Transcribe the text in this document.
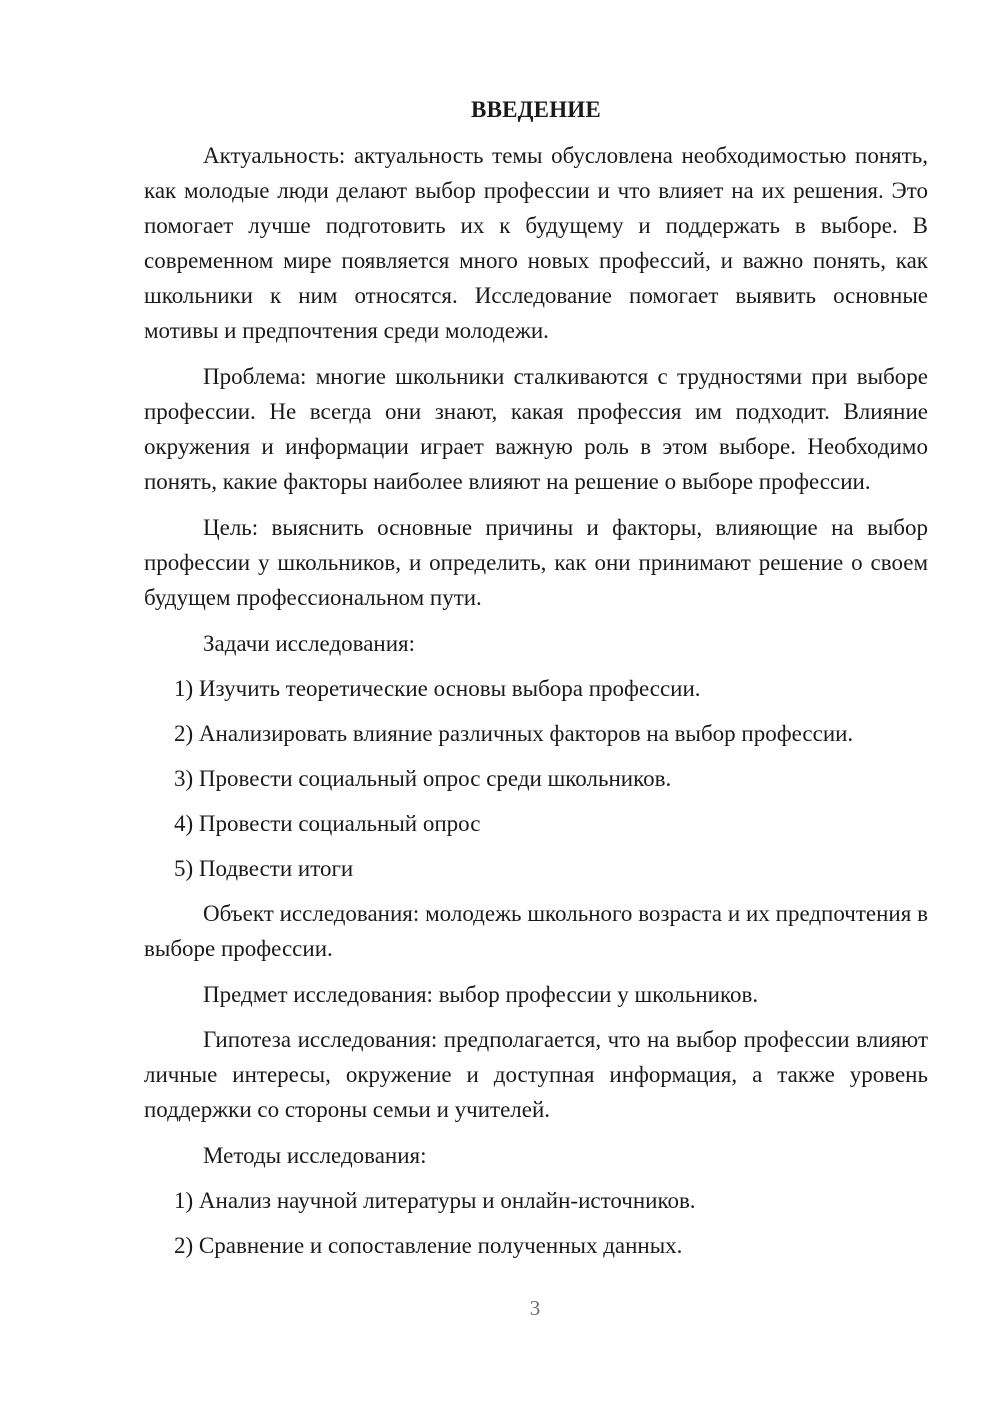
ВВЕДЕНИЕ

Актуальность: актуальность темы обусловлена необходимостью понять, как молодые люди делают выбор профессии и что влияет на их решения. Это помогает лучше подготовить их к будущему и поддержать в выборе. В современном мире появляется много новых профессий, и важно понять, как школьники к ним относятся. Исследование помогает выявить основные мотивы и предпочтения среди молодежи.

Проблема: многие школьники сталкиваются с трудностями при выборе профессии. Не всегда они знают, какая профессия им подходит. Влияние окружения и информации играет важную роль в этом выборе. Необходимо понять, какие факторы наиболее влияют на решение о выборе профессии.

Цель: выяснить основные причины и факторы, влияющие на выбор профессии у школьников, и определить, как они принимают решение о своем будущем профессиональном пути.

Задачи исследования:
1) Изучить теоретические основы выбора профессии.
2) Анализировать влияние различных факторов на выбор профессии.
3) Провести социальный опрос среди школьников.
4) Провести социальный опрос
5) Подвести итоги

Объект исследования: молодежь школьного возраста и их предпочтения в выборе профессии.

Предмет исследования: выбор профессии у школьников.

Гипотеза исследования: предполагается, что на выбор профессии влияют личные интересы, окружение и доступная информация, а также уровень поддержки со стороны семьи и учителей.

Методы исследования:
1) Анализ научной литературы и онлайн-источников.
2) Сравнение и сопоставление полученных данных.
3
